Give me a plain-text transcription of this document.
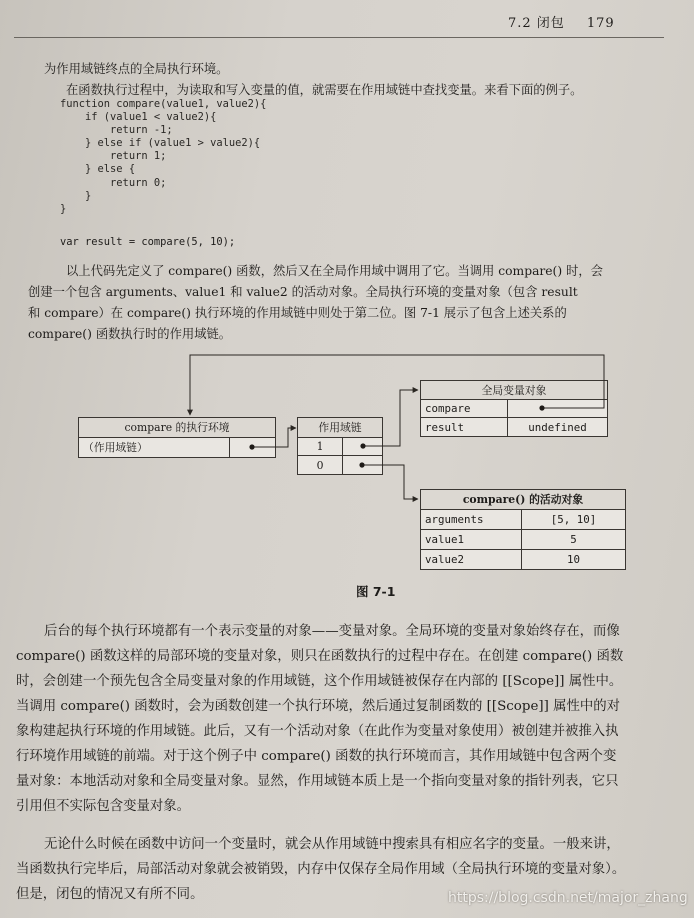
7.2 闭包 179
为作用域链终点的全局执行环境。
在函数执行过程中，为读取和写入变量的值，就需要在作用域链中查找变量。来看下面的例子。
function compare(value1, value2){
if (value1 < value2){
return -1;
} else if (value1 > value2){
return 1;
} else {
return 0;
}
}
var result = compare(5, 10);
以上代码先定义了 compare() 函数，然后又在全局作用域中调用了它。当调用 compare() 时，会
创建一个包含 arguments、value1 和 value2 的活动对象。全局执行环境的变量对象（包含 result
和 compare）在 compare() 执行环境的作用域链中则处于第二位。图 7-1 展示了包含上述关系的
compare() 函数执行时的作用域链。
compare 的执行环境
（作用域链）
作用域链
1
0
全局变量对象
compare
result	undefined
compare() 的活动对象
arguments	[5, 10]
value1	5
value2	10
图 7-1
后台的每个执行环境都有一个表示变量的对象——变量对象。全局环境的变量对象始终存在，而像
compare() 函数这样的局部环境的变量对象，则只在函数执行的过程中存在。在创建 compare() 函数
时，会创建一个预先包含全局变量对象的作用域链，这个作用域链被保存在内部的 [[Scope]] 属性中。
当调用 compare() 函数时，会为函数创建一个执行环境，然后通过复制函数的 [[Scope]] 属性中的对
象构建起执行环境的作用域链。此后，又有一个活动对象（在此作为变量对象使用）被创建并被推入执
行环境作用域链的前端。对于这个例子中 compare() 函数的执行环境而言，其作用域链中包含两个变
量对象：本地活动对象和全局变量对象。显然，作用域链本质上是一个指向变量对象的指针列表，它只
引用但不实际包含变量对象。
无论什么时候在函数中访问一个变量时，就会从作用域链中搜索具有相应名字的变量。一般来讲，
当函数执行完毕后，局部活动对象就会被销毁，内存中仅保存全局作用域（全局执行环境的变量对象）。
但是，闭包的情况又有所不同。	https://blog.csdn.net/major_zhang
